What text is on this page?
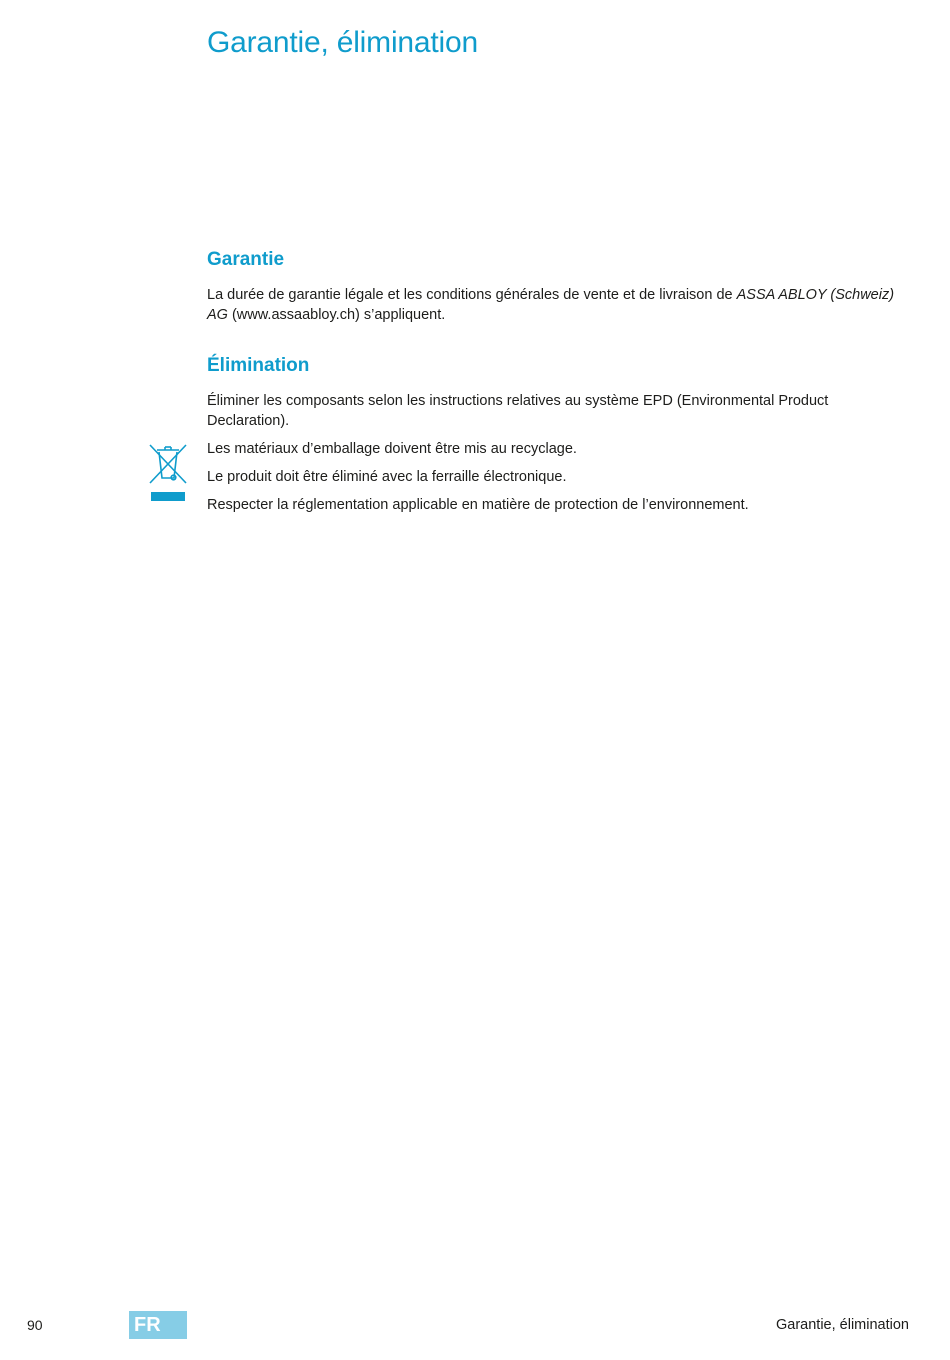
Garantie, élimination
Garantie

La durée de garantie légale et les conditions générales de vente et de livraison de ASSA ABLOY (Schweiz) AG (www.assaabloy.ch) s’appliquent.

Élimination

Éliminer les composants selon les instructions relatives au système EPD (Environmental Product Declaration).

Les matériaux d’emballage doivent être mis au recyclage.

Le produit doit être éliminé avec la ferraille électronique.

Respecter la réglementation applicable en matière de protection de l’environnement.

90	FR	Garantie, élimination
